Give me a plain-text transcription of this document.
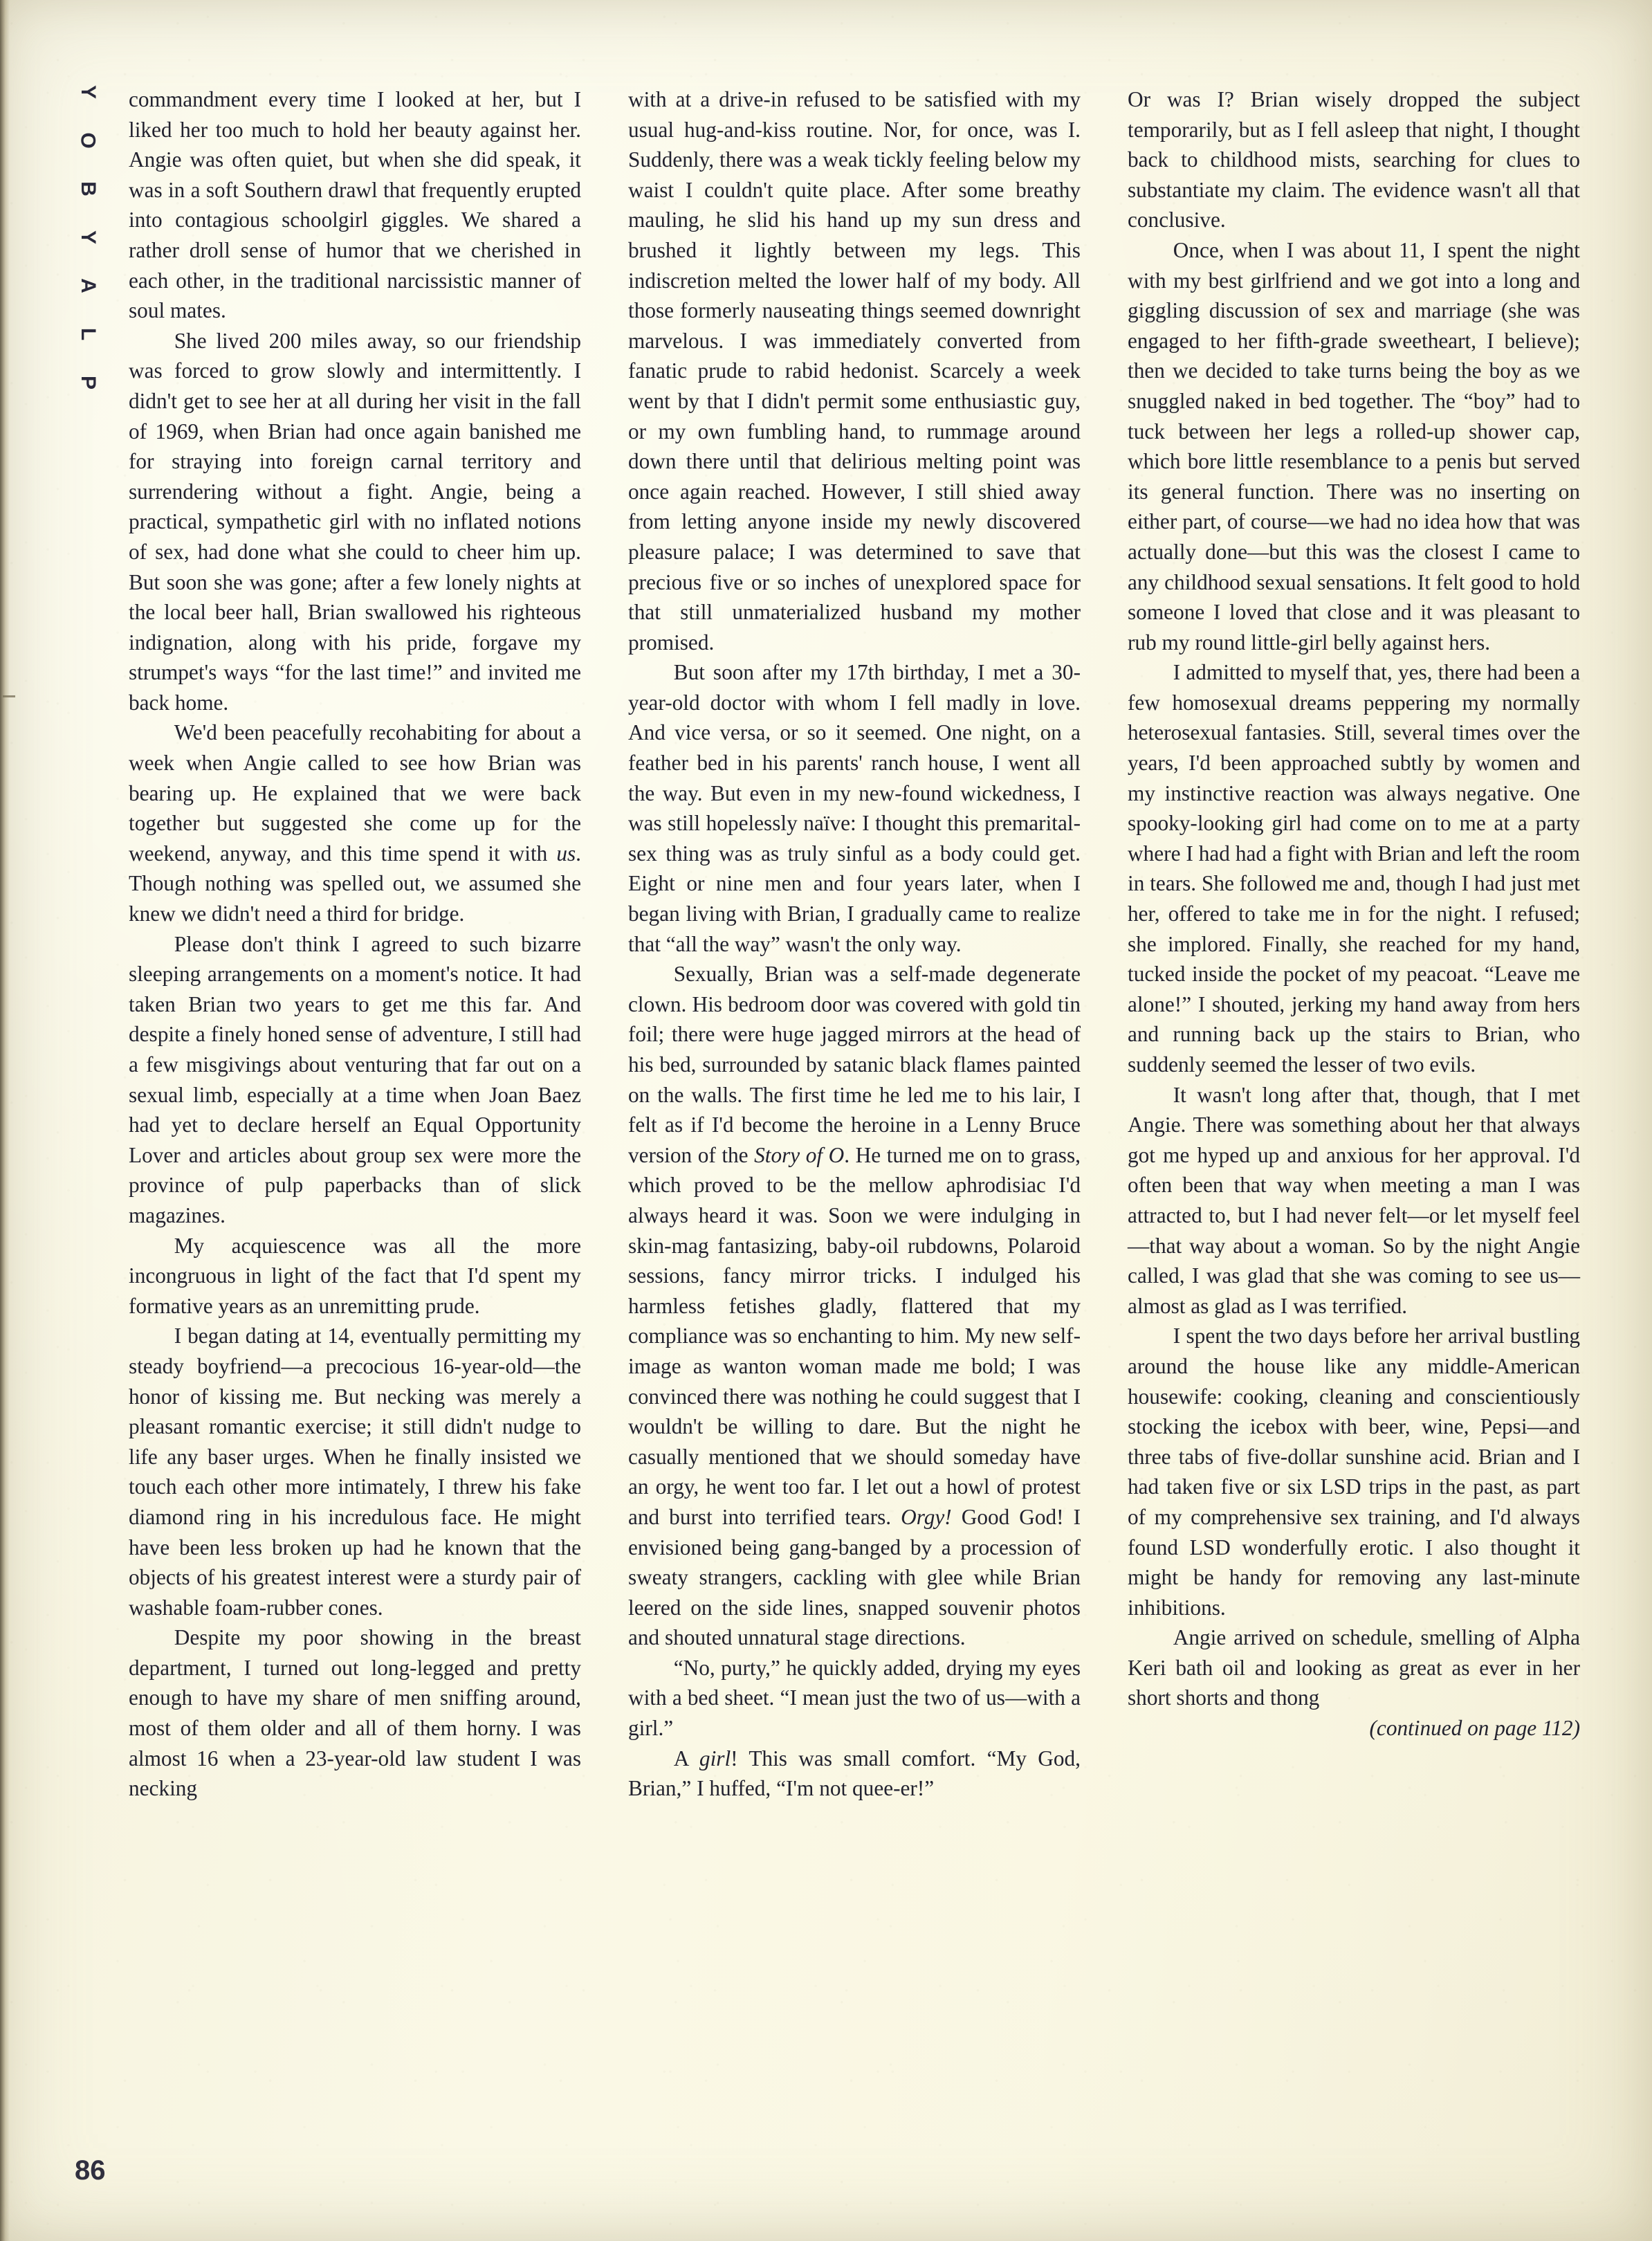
P
L
A
Y
B
O
Y
86

commandment every time I looked at her, but I liked her too much to hold her beauty against her. Angie was often quiet, but when she did speak, it was in a soft Southern drawl that frequently erupted into contagious schoolgirl giggles. We shared a rather droll sense of humor that we cherished in each other, in the traditional narcissistic manner of soul mates.

She lived 200 miles away, so our friendship was forced to grow slowly and intermittently. I didn't get to see her at all during her visit in the fall of 1969, when Brian had once again banished me for straying into foreign carnal territory and surrendering without a fight. Angie, being a practical, sympathetic girl with no inflated notions of sex, had done what she could to cheer him up. But soon she was gone; after a few lonely nights at the local beer hall, Brian swallowed his righteous indignation, along with his pride, forgave my strumpet's ways “for the last time!” and invited me back home.

We'd been peacefully recohabiting for about a week when Angie called to see how Brian was bearing up. He explained that we were back together but suggested she come up for the weekend, anyway, and this time spend it with us. Though nothing was spelled out, we assumed she knew we didn't need a third for bridge.

Please don't think I agreed to such bizarre sleeping arrangements on a moment's notice. It had taken Brian two years to get me this far. And despite a finely honed sense of adventure, I still had a few misgivings about venturing that far out on a sexual limb, especially at a time when Joan Baez had yet to declare herself an Equal Opportunity Lover and articles about group sex were more the province of pulp paperbacks than of slick magazines.

My acquiescence was all the more incongruous in light of the fact that I'd spent my formative years as an unremitting prude.

I began dating at 14, eventually permitting my steady boyfriend—a precocious 16-year-old—the honor of kissing me. But necking was merely a pleasant romantic exercise; it still didn't nudge to life any baser urges. When he finally insisted we touch each other more intimately, I threw his fake diamond ring in his incredulous face. He might have been less broken up had he known that the objects of his greatest interest were a sturdy pair of washable foam-rubber cones.

Despite my poor showing in the breast department, I turned out long-legged and pretty enough to have my share of men sniffing around, most of them older and all of them horny. I was almost 16 when a 23-year-old law student I was necking

with at a drive-in refused to be satisfied with my usual hug-and-kiss routine. Nor, for once, was I. Suddenly, there was a weak tickly feeling below my waist I couldn't quite place. After some breathy mauling, he slid his hand up my sun dress and brushed it lightly between my legs. This indiscretion melted the lower half of my body. All those formerly nauseating things seemed downright marvelous. I was immediately converted from fanatic prude to rabid hedonist. Scarcely a week went by that I didn't permit some enthusiastic guy, or my own fumbling hand, to rummage around down there until that delirious melting point was once again reached. However, I still shied away from letting anyone inside my newly discovered pleasure palace; I was determined to save that precious five or so inches of unexplored space for that still unmaterialized husband my mother promised.

But soon after my 17th birthday, I met a 30-year-old doctor with whom I fell madly in love. And vice versa, or so it seemed. One night, on a feather bed in his parents' ranch house, I went all the way. But even in my new-found wickedness, I was still hopelessly naïve: I thought this premarital-sex thing was as truly sinful as a body could get. Eight or nine men and four years later, when I began living with Brian, I gradually came to realize that “all the way” wasn't the only way.

Sexually, Brian was a self-made degenerate clown. His bedroom door was covered with gold tin foil; there were huge jagged mirrors at the head of his bed, surrounded by satanic black flames painted on the walls. The first time he led me to his lair, I felt as if I'd become the heroine in a Lenny Bruce version of the Story of O. He turned me on to grass, which proved to be the mellow aphrodisiac I'd always heard it was. Soon we were indulging in skin-mag fantasizing, baby-oil rubdowns, Polaroid sessions, fancy mirror tricks. I indulged his harmless fetishes gladly, flattered that my compliance was so enchanting to him. My new self-image as wanton woman made me bold; I was convinced there was nothing he could suggest that I wouldn't be willing to dare. But the night he casually mentioned that we should someday have an orgy, he went too far. I let out a howl of protest and burst into terrified tears. Orgy! Good God! I envisioned being gang-banged by a procession of sweaty strangers, cackling with glee while Brian leered on the side lines, snapped souvenir photos and shouted unnatural stage directions.

“No, purty,” he quickly added, drying my eyes with a bed sheet. “I mean just the two of us—with a girl.”

A girl! This was small comfort. “My God, Brian,” I huffed, “I'm not quee-er!”

Or was I? Brian wisely dropped the subject temporarily, but as I fell asleep that night, I thought back to childhood mists, searching for clues to substantiate my claim. The evidence wasn't all that conclusive.

Once, when I was about 11, I spent the night with my best girlfriend and we got into a long and giggling discussion of sex and marriage (she was engaged to her fifth-grade sweetheart, I believe); then we decided to take turns being the boy as we snuggled naked in bed together. The “boy” had to tuck between her legs a rolled-up shower cap, which bore little resemblance to a penis but served its general function. There was no inserting on either part, of course—we had no idea how that was actually done—but this was the closest I came to any childhood sexual sensations. It felt good to hold someone I loved that close and it was pleasant to rub my round little-girl belly against hers.

I admitted to myself that, yes, there had been a few homosexual dreams peppering my normally heterosexual fantasies. Still, several times over the years, I'd been approached subtly by women and my instinctive reaction was always negative. One spooky-looking girl had come on to me at a party where I had had a fight with Brian and left the room in tears. She followed me and, though I had just met her, offered to take me in for the night. I refused; she implored. Finally, she reached for my hand, tucked inside the pocket of my peacoat. “Leave me alone!” I shouted, jerking my hand away from hers and running back up the stairs to Brian, who suddenly seemed the lesser of two evils.

It wasn't long after that, though, that I met Angie. There was something about her that always got me hyped up and anxious for her approval. I'd often been that way when meeting a man I was attracted to, but I had never felt—or let myself feel—that way about a woman. So by the night Angie called, I was glad that she was coming to see us—almost as glad as I was terrified.

I spent the two days before her arrival bustling around the house like any middle-American housewife: cooking, cleaning and conscientiously stocking the icebox with beer, wine, Pepsi—and three tabs of five-dollar sunshine acid. Brian and I had taken five or six LSD trips in the past, as part of my comprehensive sex training, and I'd always found LSD wonderfully erotic. I also thought it might be handy for removing any last-minute inhibitions.

Angie arrived on schedule, smelling of Alpha Keri bath oil and looking as great as ever in her short shorts and thong

(continued on page 112)
